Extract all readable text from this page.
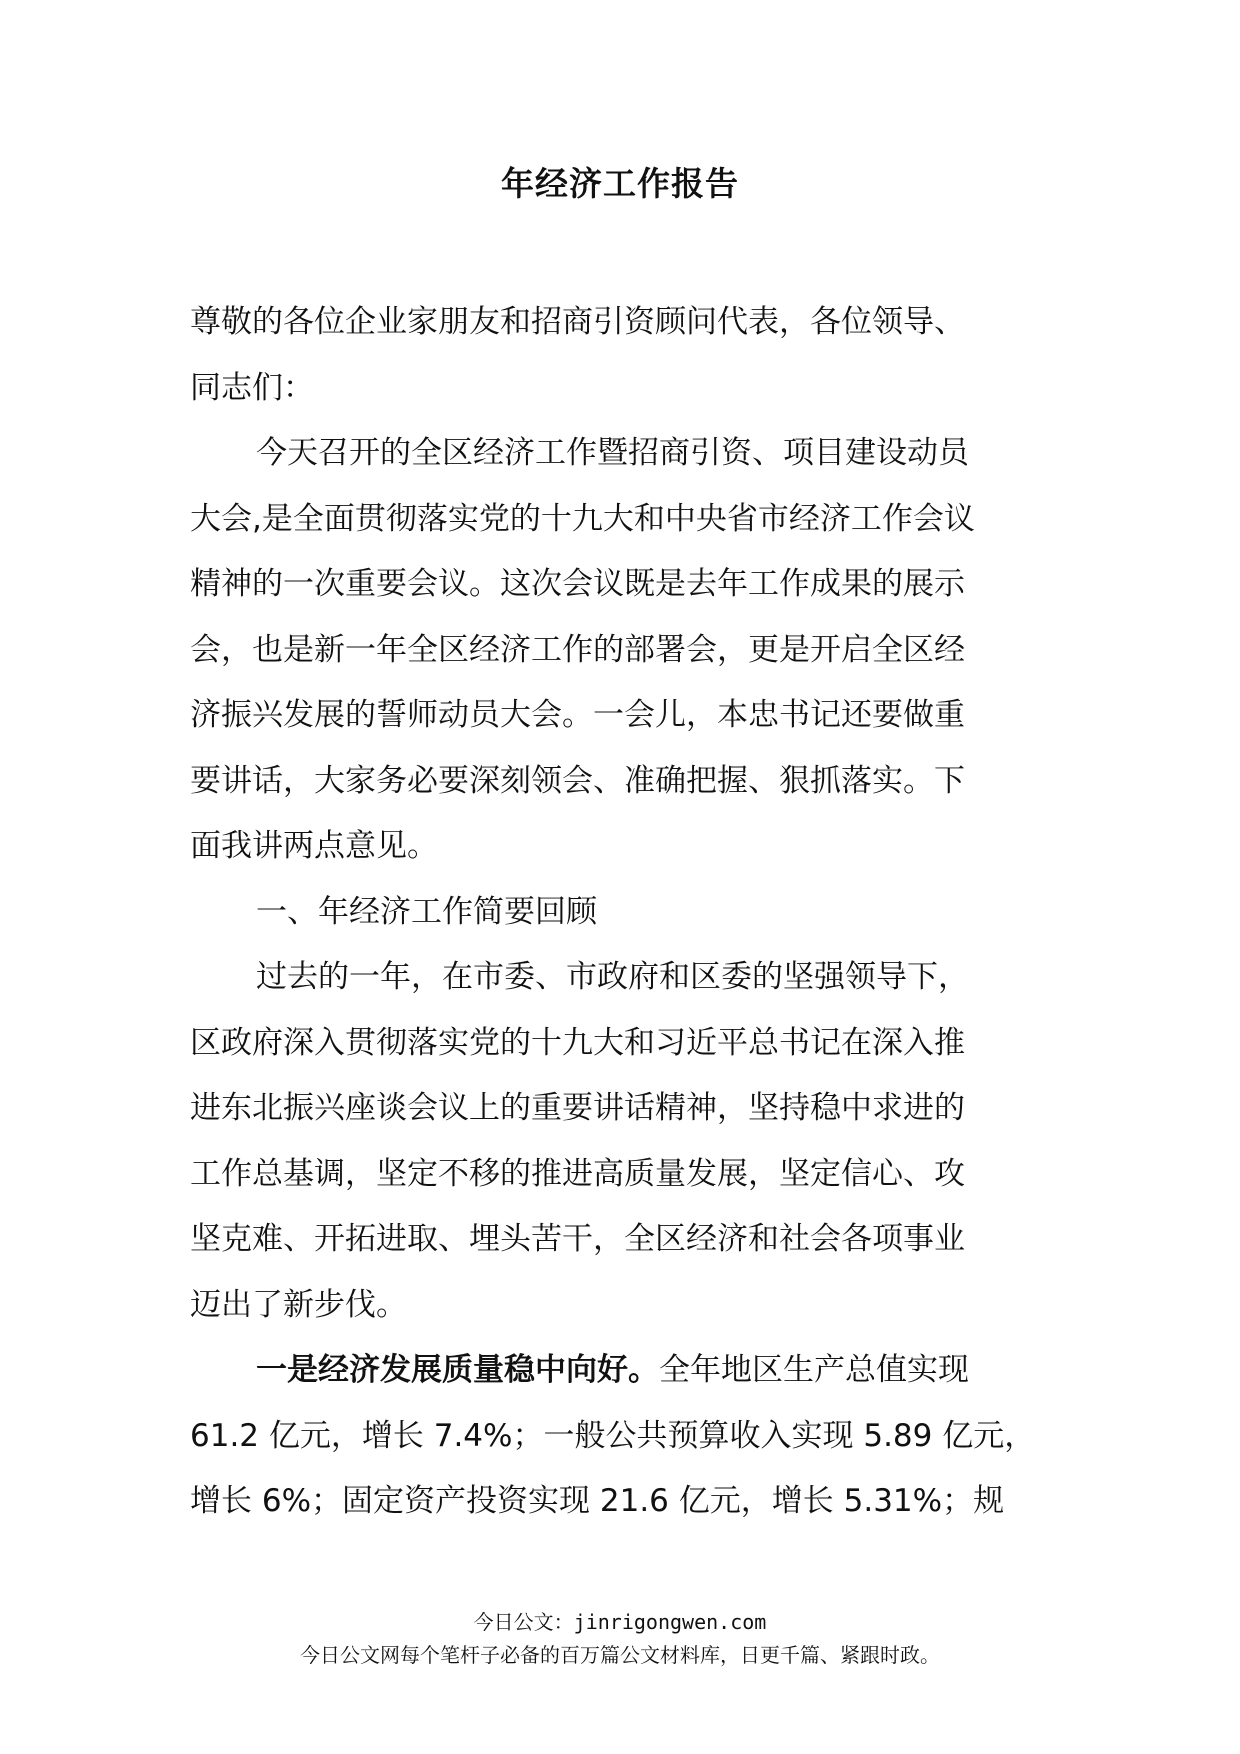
年经济工作报告
尊敬的各位企业家朋友和招商引资顾问代表，各位领导、
同志们：
今天召开的全区经济工作暨招商引资、项目建设动员
大会,是全面贯彻落实党的十九大和中央省市经济工作会议
精神的一次重要会议。这次会议既是去年工作成果的展示
会，也是新一年全区经济工作的部署会，更是开启全区经
济振兴发展的誓师动员大会。一会儿，本忠书记还要做重
要讲话，大家务必要深刻领会、准确把握、狠抓落实。下
面我讲两点意见。
一、年经济工作简要回顾
过去的一年，在市委、市政府和区委的坚强领导下，
区政府深入贯彻落实党的十九大和习近平总书记在深入推
进东北振兴座谈会议上的重要讲话精神，坚持稳中求进的
工作总基调，坚定不移的推进高质量发展，坚定信心、攻
坚克难、开拓进取、埋头苦干，全区经济和社会各项事业
迈出了新步伐。
一是经济发展质量稳中向好。全年地区生产总值实现
61.2 亿元，增长 7.4%；一般公共预算收入实现 5.89 亿元，
增长 6%；固定资产投资实现 21.6 亿元，增长 5.31%；规
今日公文：jinrigongwen.com
今日公文网每个笔杆子必备的百万篇公文材料库，日更千篇、紧跟时政。
